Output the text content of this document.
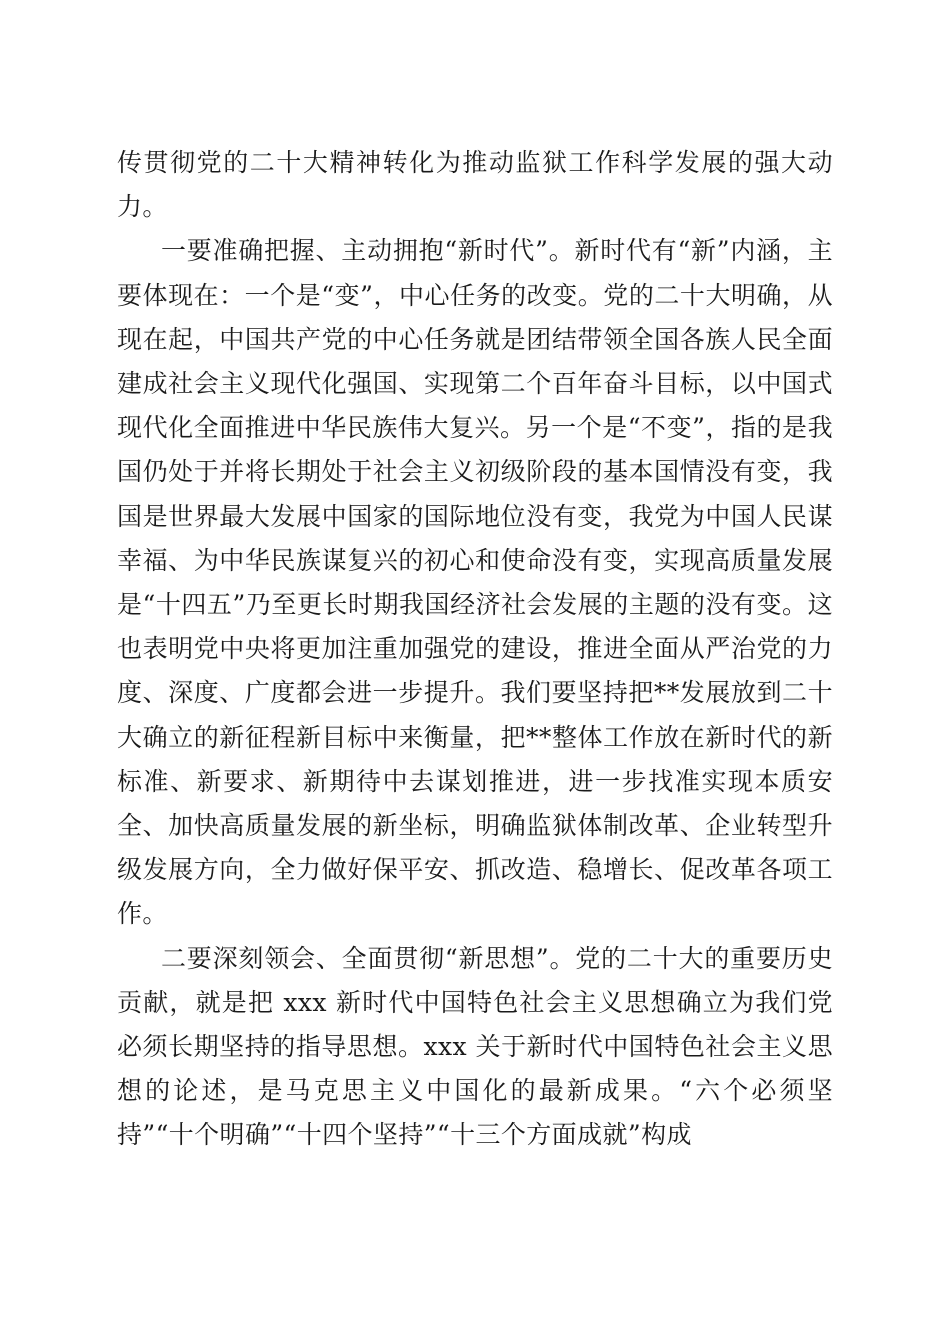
传贯彻党的二十大精神转化为推动监狱工作科学发展的强大动力。

一要准确把握、主动拥抱“新时代”。新时代有“新”内涵，主要体现在：一个是“变”，中心任务的改变。党的二十大明确，从现在起，中国共产党的中心任务就是团结带领全国各族人民全面建成社会主义现代化强国、实现第二个百年奋斗目标，以中国式现代化全面推进中华民族伟大复兴。另一个是“不变”，指的是我国仍处于并将长期处于社会主义初级阶段的基本国情没有变，我国是世界最大发展中国家的国际地位没有变，我党为中国人民谋幸福、为中华民族谋复兴的初心和使命没有变，实现高质量发展是“十四五”乃至更长时期我国经济社会发展的主题的没有变。这也表明党中央将更加注重加强党的建设，推进全面从严治党的力度、深度、广度都会进一步提升。我们要坚持把**发展放到二十大确立的新征程新目标中来衡量，把**整体工作放在新时代的新标准、新要求、新期待中去谋划推进，进一步找准实现本质安全、加快高质量发展的新坐标，明确监狱体制改革、企业转型升级发展方向，全力做好保平安、抓改造、稳增长、促改革各项工作。

二要深刻领会、全面贯彻“新思想”。党的二十大的重要历史贡献，就是把 xxx 新时代中国特色社会主义思想确立为我们党必须长期坚持的指导思想。xxx 关于新时代中国特色社会主义思想的论述，是马克思主义中国化的最新成果。“六个必须坚持”“十个明确”“十四个坚持”“十三个方面成就”构成
